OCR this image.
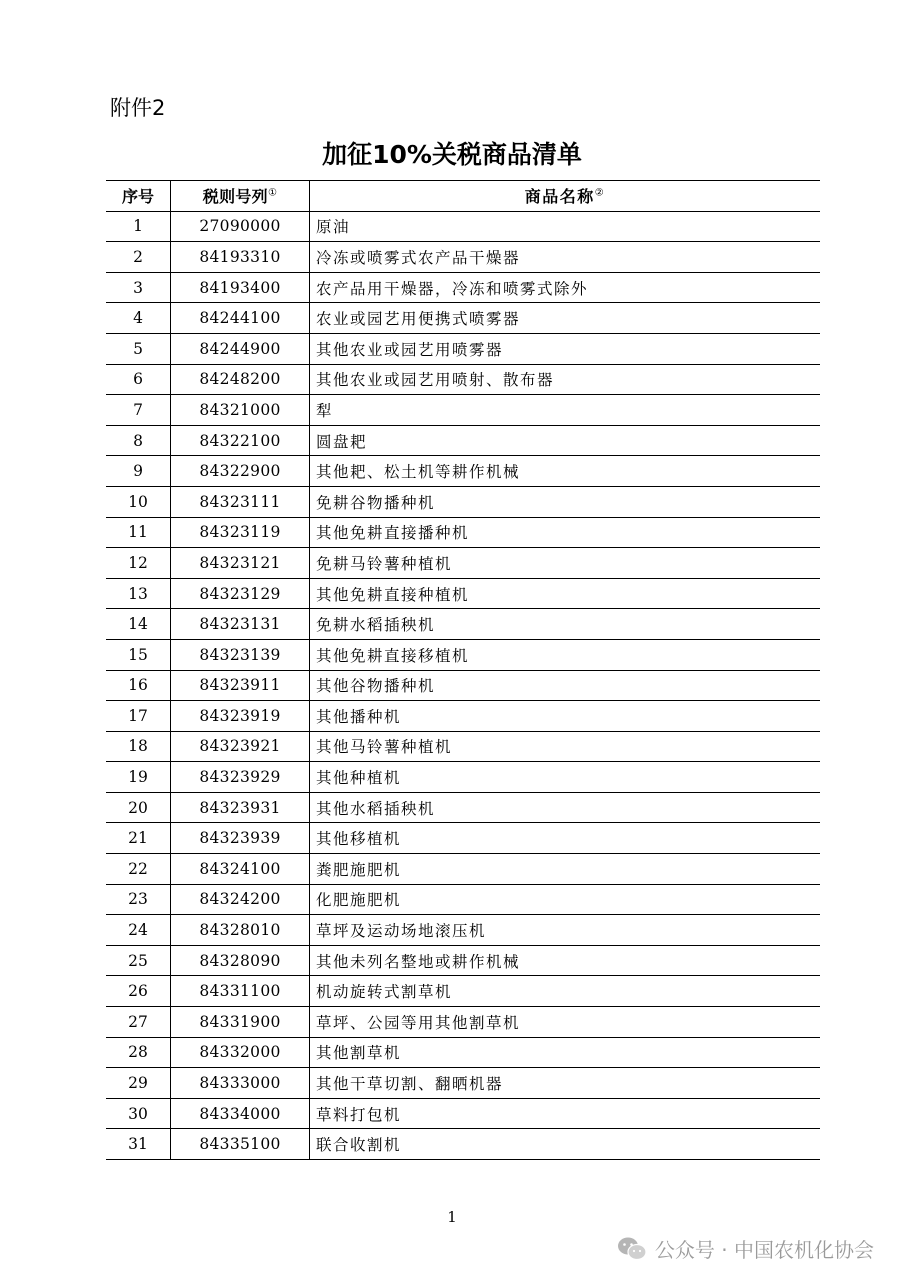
附件2
加征10%关税商品清单
序号	税则号列①	商品名称②
1	27090000	原油
2	84193310	冷冻或喷雾式农产品干燥器
3	84193400	农产品用干燥器，冷冻和喷雾式除外
4	84244100	农业或园艺用便携式喷雾器
5	84244900	其他农业或园艺用喷雾器
6	84248200	其他农业或园艺用喷射、散布器
7	84321000	犁
8	84322100	圆盘耙
9	84322900	其他耙、松土机等耕作机械
10	84323111	免耕谷物播种机
11	84323119	其他免耕直接播种机
12	84323121	免耕马铃薯种植机
13	84323129	其他免耕直接种植机
14	84323131	免耕水稻插秧机
15	84323139	其他免耕直接移植机
16	84323911	其他谷物播种机
17	84323919	其他播种机
18	84323921	其他马铃薯种植机
19	84323929	其他种植机
20	84323931	其他水稻插秧机
21	84323939	其他移植机
22	84324100	粪肥施肥机
23	84324200	化肥施肥机
24	84328010	草坪及运动场地滚压机
25	84328090	其他未列名整地或耕作机械
26	84331100	机动旋转式割草机
27	84331900	草坪、公园等用其他割草机
28	84332000	其他割草机
29	84333000	其他干草切割、翻晒机器
30	84334000	草料打包机
31	84335100	联合收割机
1
公众号 · 中国农机化协会
